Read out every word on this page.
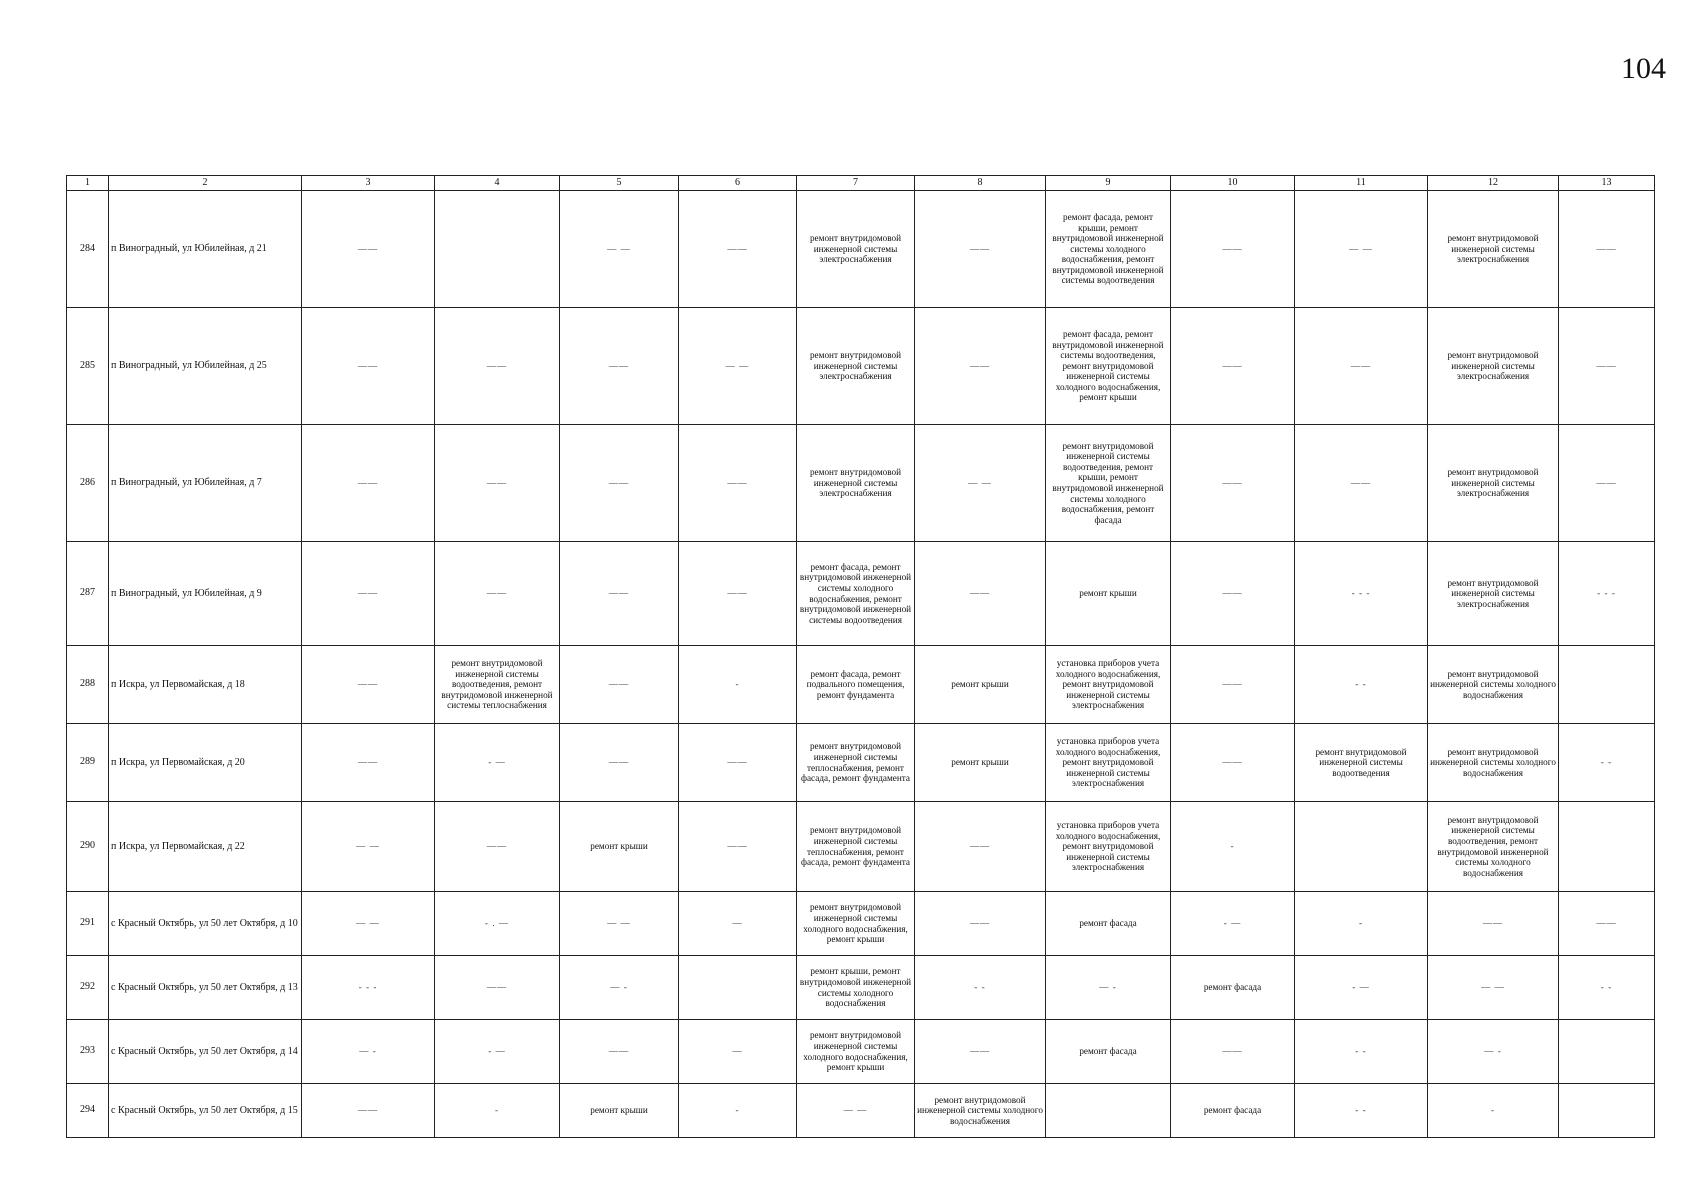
104
1	2	3	4	5	6	7	8	9	10	11	12	13
284	п Виноградный, ул Юбилейная, д 21	——		— —	——	ремонт внутридомовой инженерной системы электроснабжения	——	ремонт фасада, ремонт крыши, ремонт внутридомовой инженерной системы холодного водоснабжения, ремонт внутридомовой инженерной системы водоотведения	——	— —	ремонт внутридомовой инженерной системы электроснабжения	——
285	п Виноградный, ул Юбилейная, д 25	——	——	——	— —	ремонт внутридомовой инженерной системы электроснабжения	——	ремонт фасада, ремонт внутридомовой инженерной системы водоотведения, ремонт внутридомовой инженерной системы холодного водоснабжения, ремонт крыши	——	——	ремонт внутридомовой инженерной системы электроснабжения	——
286	п Виноградный, ул Юбилейная, д 7	——	——	——	——	ремонт внутридомовой инженерной системы электроснабжения	— —	ремонт внутридомовой инженерной системы водоотведения, ремонт крыши, ремонт внутридомовой инженерной системы холодного водоснабжения, ремонт фасада	——	——	ремонт внутридомовой инженерной системы электроснабжения	——
287	п Виноградный, ул Юбилейная, д 9	——	——	——	——	ремонт фасада, ремонт внутридомовой инженерной системы холодного водоснабжения, ремонт внутридомовой инженерной системы водоотведения	——	ремонт крыши	——	- - -	ремонт внутридомовой инженерной системы электроснабжения	- - -
288	п Искра, ул Первомайская, д 18	——	ремонт внутридомовой инженерной системы водоотведения, ремонт внутридомовой инженерной системы теплоснабжения	——	-	ремонт фасада, ремонт подвального помещения, ремонт фундамента	ремонт крыши	установка приборов учета холодного водоснабжения, ремонт внутридомовой инженерной системы электроснабжения	——	- -	ремонт внутридомовой инженерной системы холодного водоснабжения	
289	п Искра, ул Первомайская, д 20	——	- —	——	——	ремонт внутридомовой инженерной системы теплоснабжения, ремонт фасада, ремонт фундамента	ремонт крыши	установка приборов учета холодного водоснабжения, ремонт внутридомовой инженерной системы электроснабжения	——	ремонт внутридомовой инженерной системы водоотведения	ремонт внутридомовой инженерной системы холодного водоснабжения	- -
290	п Искра, ул Первомайская, д 22	— —	——	ремонт крыши	——	ремонт внутридомовой инженерной системы теплоснабжения, ремонт фасада, ремонт фундамента	——	установка приборов учета холодного водоснабжения, ремонт внутридомовой инженерной системы электроснабжения	-		ремонт внутридомовой инженерной системы водоотведения, ремонт внутридомовой инженерной системы холодного водоснабжения	
291	с Красный Октябрь, ул 50 лет Октября, д 10	— —	- . —	— —	—	ремонт внутридомовой инженерной системы холодного водоснабжения, ремонт крыши	——	ремонт фасада	- —	-	——	——
292	с Красный Октябрь, ул 50 лет Октября, д 13	- - -	——	— -		ремонт крыши, ремонт внутридомовой инженерной системы холодного водоснабжения	- -	— -	ремонт фасада	- —	— —	- -
293	с Красный Октябрь, ул 50 лет Октября, д 14	— -	- —	——	—	ремонт внутридомовой инженерной системы холодного водоснабжения, ремонт крыши	——	ремонт фасада	——	- -	— -	
294	с Красный Октябрь, ул 50 лет Октября, д 15	——	-	ремонт крыши	-	— —	ремонт внутридомовой инженерной системы холодного водоснабжения		ремонт фасада	- -	-	
